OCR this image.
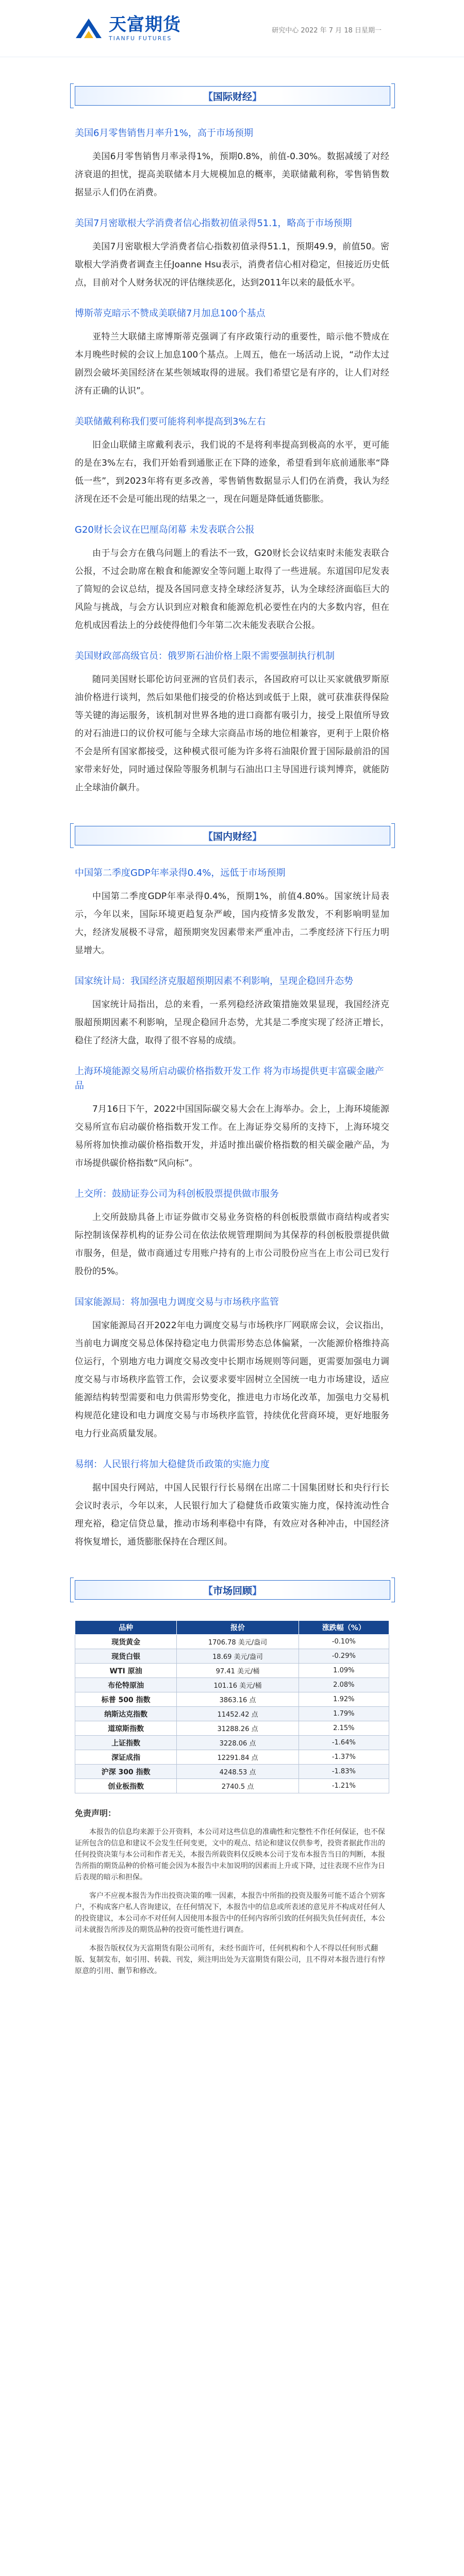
天富期货
TIANFU FUTURES
研究中心 2022 年 7 月 18 日星期一
【 国际财经 】
美国6月零售销售月率升1%，高于市场预期

美国6月零售销售月率录得1%，预期0.8%，前值-0.30%。数据减缓了对经济衰退的担忧，提高美联储本月大规模加息的概率，美联储戴利称，零售销售数据显示人们仍在消费。

美国7月密歇根大学消费者信心指数初值录得51.1，略高于市场预期

美国7月密歇根大学消费者信心指数初值录得51.1，预期49.9，前值50。密歇根大学消费者调查主任Joanne Hsu表示，消费者信心相对稳定，但接近历史低点，目前对个人财务状况的评估继续恶化，达到2011年以来的最低水平。

博斯蒂克暗示不赞成美联储7月加息100个基点

亚特兰大联储主席博斯蒂克强调了有序政策行动的重要性，暗示他不赞成在本月晚些时候的会议上加息100个基点。上周五，他在一场活动上说，“动作太过剧烈会破坏美国经济在某些领域取得的进展。我们希望它是有序的，让人们对经济有正确的认识”。

美联储戴利称我们要可能将利率提高到3%左右

旧金山联储主席戴利表示，我们说的不是将利率提高到极高的水平，更可能的是在3%左右，我们开始看到通胀正在下降的迹象，希望看到年底前通胀率“降低一些”，到2023年将有更多改善，零售销售数据显示人们仍在消费，我认为经济现在还不会是可能出现的结果之一，现在问题是降低通货膨胀。

G20财长会议在巴厘岛闭幕 未发表联合公报

由于与会方在俄乌问题上的看法不一致，G20财长会议结束时未能发表联合公报，不过会助席在粮食和能源安全等问题上取得了一些进展。东道国印尼发表了简短的会议总结，提及各国同意支持全球经济复苏，认为全球经济面临巨大的风险与挑战，与会方认识到应对粮食和能源危机必要性在内的大多数内容，但在危机成因看法上的分歧使得他们今年第二次未能发表联合公报。

美国财政部高级官员：俄罗斯石油价格上限不需要强制执行机制

随同美国财长耶伦访问亚洲的官员们表示，各国政府可以让买家就俄罗斯原油价格进行谈判，然后如果他们接受的价格达到或低于上限，就可获准获得保险等关键的海运服务，该机制对世界各地的进口商都有吸引力，接受上限值所导致的对石油进口的议价权可能与全球大宗商品市场的地位相兼容，更利于上限价格不会是所有国家都接受，这种模式很可能为许多将石油限价置于国际最前沿的国家带来好处，同时通过保险等服务机制与石油出口主导国进行谈判博弈，就能防止全球油价飙升。

【 国内财经 】
中国第二季度GDP年率录得0.4%，远低于市场预期

中国第二季度GDP年率录得0.4%，预期1%，前值4.80%。国家统计局表示，今年以来，国际环境更趋复杂严峻，国内疫情多发散发，不利影响明显加大，经济发展极不寻常，超预期突发因素带来严重冲击，二季度经济下行压力明显增大。

国家统计局：我国经济克服超预期因素不利影响，呈现企稳回升态势

国家统计局指出，总的来看，一系列稳经济政策措施效果显现，我国经济克服超预期因素不利影响，呈现企稳回升态势，尤其是二季度实现了经济正增长，稳住了经济大盘，取得了很不容易的成绩。

上海环境能源交易所启动碳价格指数开发工作 将为市场提供更丰富碳金融产品

7月16日下午，2022中国国际碳交易大会在上海举办。会上，上海环境能源交易所宣布启动碳价格指数开发工作。在上海证券交易所的支持下，上海环境交易所将加快推动碳价格指数开发，并适时推出碳价格指数的相关碳金融产品，为市场提供碳价格指数“风向标”。

上交所：鼓励证券公司为科创板股票提供做市服务

上交所鼓励具备上市证券做市交易业务资格的科创板股票做市商结构或者实际控制该保荐机构的证券公司在依法依规管理期间为其保荐的科创板股票提供做市服务，但是，做市商通过专用账户持有的上市公司股份应当在上市公司已发行股份的5%。

国家能源局：将加强电力调度交易与市场秩序监管

国家能源局召开2022年电力调度交易与市场秩序厂网联席会议，会议指出，当前电力调度交易总体保持稳定电力供需形势态总体偏紧，一次能源价格维持高位运行，个别地方电力调度交易改变中长期市场规则等问题，更需要加强电力调度交易与市场秩序监管工作，会议要求要牢固树立全国统一电力市场建设，适应能源结构转型需要和电力供需形势变化，推进电力市场化改革，加强电力交易机构规范化建设和电力调度交易与市场秩序监管，持续优化营商环境，更好地服务电力行业高质量发展。

易纲：人民银行将加大稳健货币政策的实施力度

据中国央行网站，中国人民银行行长易纲在出席二十国集团财长和央行行长会议时表示，今年以来，人民银行加大了稳健货币政策实施力度，保持流动性合理充裕，稳定信贷总量，推动市场利率稳中有降，有效应对各种冲击，中国经济将恢复增长，通货膨胀保持在合理区间。

【 市场回顾 】
品种	报价	涨跌幅（%）
现货黄金	1706.78 美元/盎司	-0.10%
现货白银	18.69 美元/盎司	-0.29%
WTI 原油	97.41 美元/桶	1.09%
布伦特原油	101.16 美元/桶	2.08%
标普 500 指数	3863.16 点	1.92%
纳斯达克指数	11452.42 点	1.79%
道琼斯指数	31288.26 点	2.15%
上证指数	3228.06 点	-1.64%
深证成指	12291.84 点	-1.37%
沪深 300 指数	4248.53 点	-1.83%
创业板指数	2740.5 点	-1.21%
免责声明：

本报告的信息均来源于公开资料，本公司对这些信息的准确性和完整性不作任何保证，也不保证所包含的信息和建议不会发生任何变更，文中的观点、结论和建议仅供参考，投资者据此作出的任何投资决策与本公司和作者无关，本报告所载资料仅反映本公司于发布本报告当日的判断，本报告所指的期货品种的价格可能会因为本报告中未加说明的因素而上升或下降，过往表现不应作为日后表现的暗示和担保。

客户不应视本报告为作出投资决策的唯一因素，本报告中所指的投资及服务可能不适合个别客户，不构成客户私人咨询建议，在任何情况下，本报告中的信息或所表述的意见并不构成对任何人的投资建议，本公司亦不对任何人因使用本报告中的任何内容所引致的任何损失负任何责任，本公司未就报告所涉及的期货品种的投资可能性进行调查。

本报告版权仅为天富期货有限公司所有，未经书面许可，任何机构和个人不得以任何形式翻版、复制发布，如引用、转载、刊发，须注明出处为天富期货有限公司，且不得对本报告进行有悖原意的引用、删节和修改。
